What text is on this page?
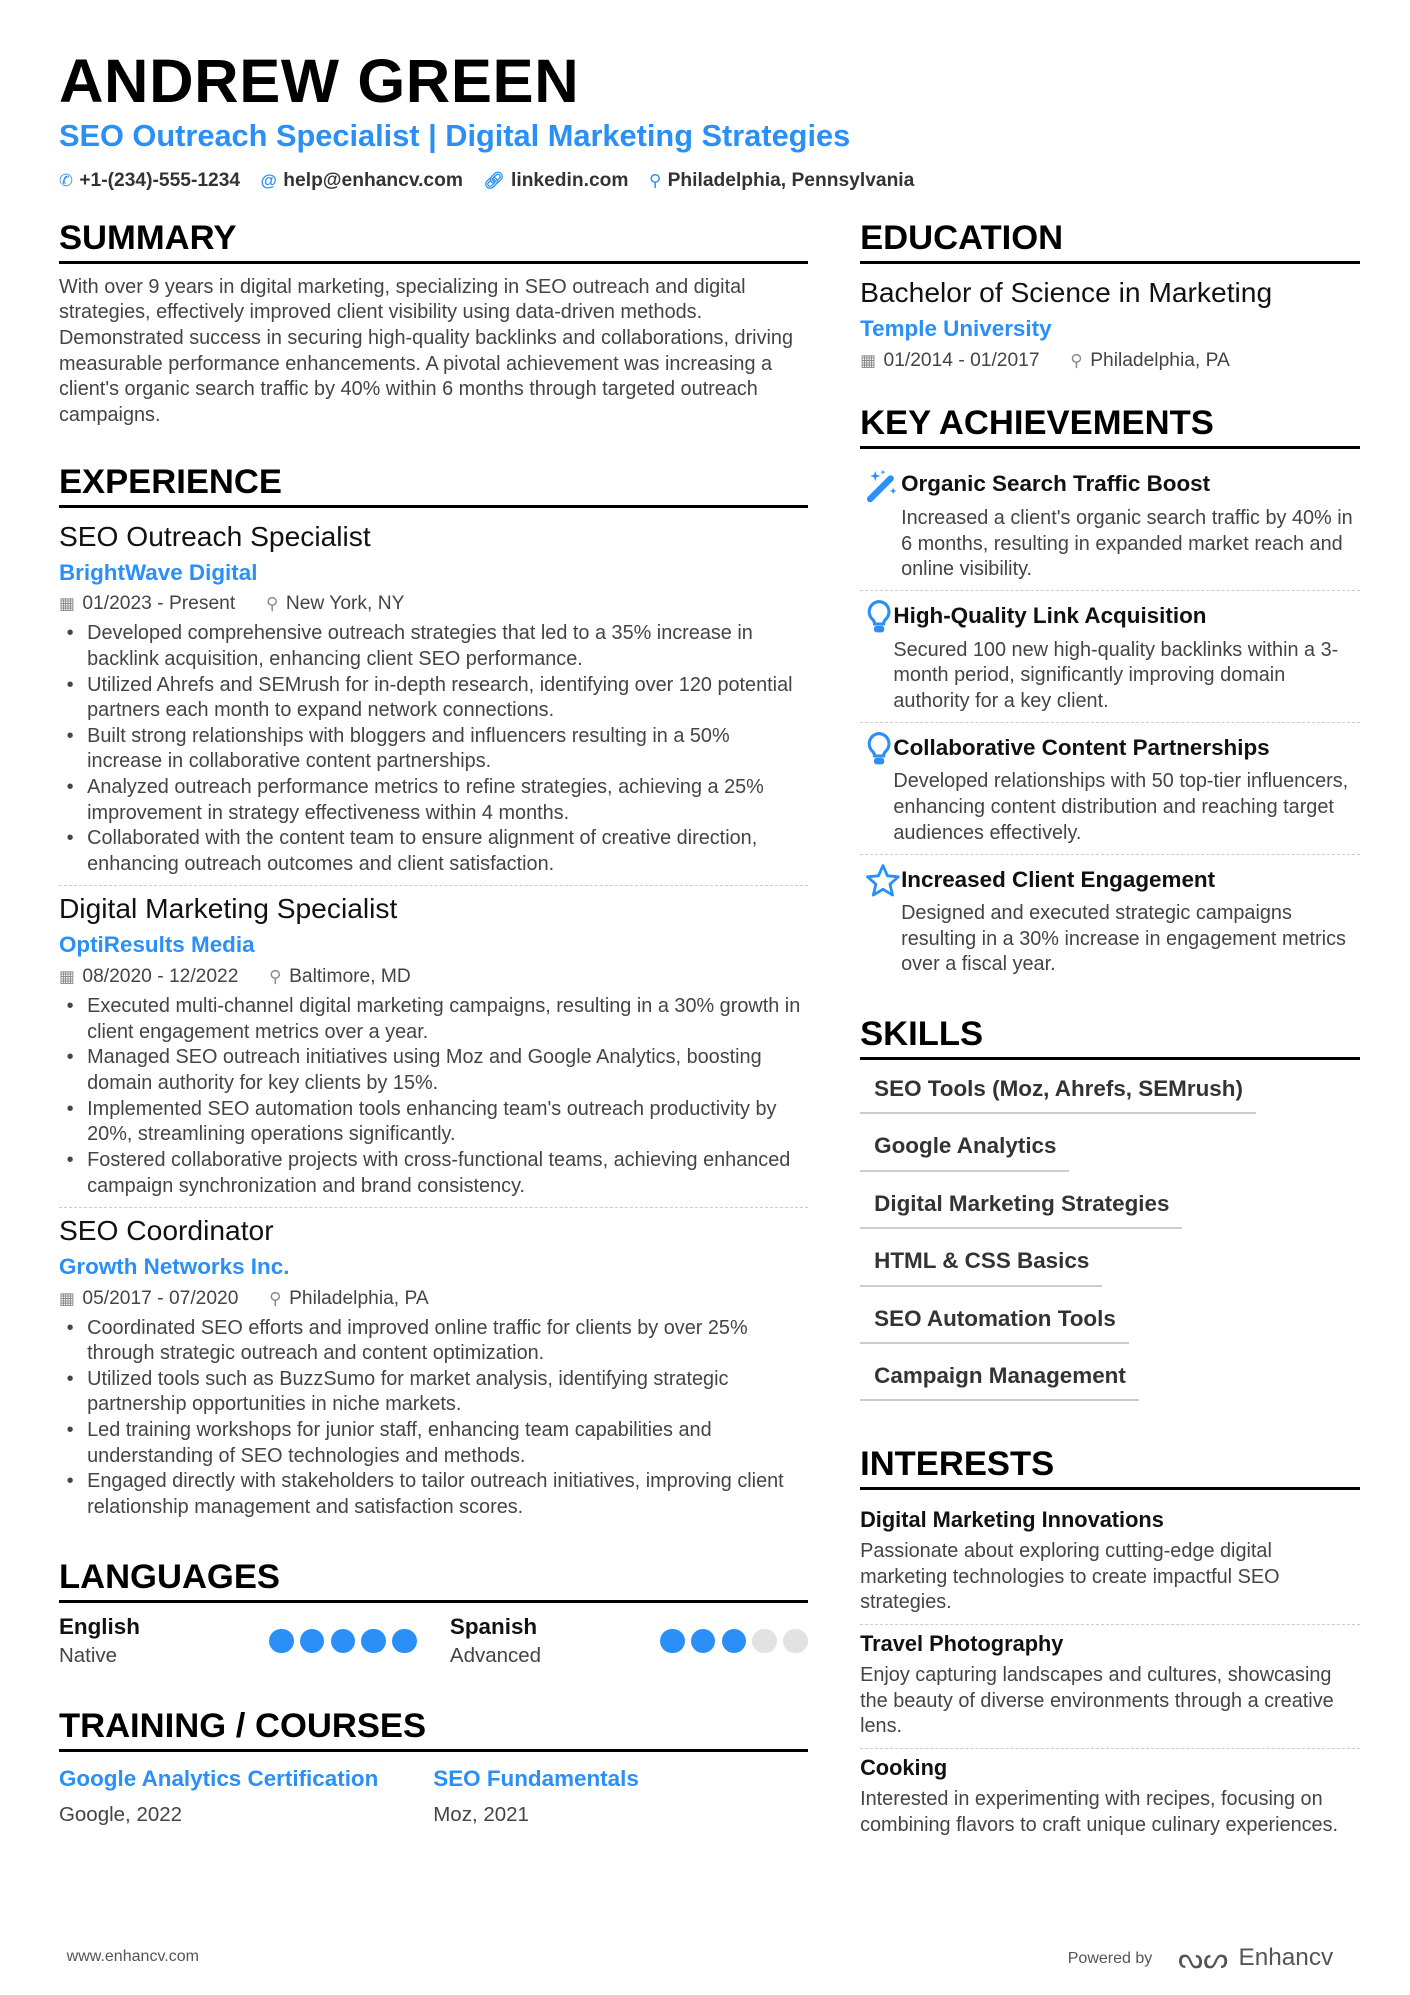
ANDREW GREEN
SEO Outreach Specialist | Digital Marketing Strategies
✆ +1-(234)-555-1234 @ help@enhancv.com 🔗︎ linkedin.com ⚲ Philadelphia, Pennsylvania
SUMMARY
With over 9 years in digital marketing, specializing in SEO outreach and digital strategies, effectively improved client visibility using data-driven methods. Demonstrated success in securing high-quality backlinks and collaborations, driving measurable performance enhancements. A pivotal achievement was increasing a client's organic search traffic by 40% within 6 months through targeted outreach campaigns.
EXPERIENCE
SEO Outreach Specialist
BrightWave Digital
▦ 01/2023 - Present ⚲ New York, NY
• Developed comprehensive outreach strategies that led to a 35% increase in backlink acquisition, enhancing client SEO performance.
• Utilized Ahrefs and SEMrush for in-depth research, identifying over 120 potential partners each month to expand network connections.
• Built strong relationships with bloggers and influencers resulting in a 50% increase in collaborative content partnerships.
• Analyzed outreach performance metrics to refine strategies, achieving a 25% improvement in strategy effectiveness within 4 months.
• Collaborated with the content team to ensure alignment of creative direction, enhancing outreach outcomes and client satisfaction.
Digital Marketing Specialist
OptiResults Media
▦ 08/2020 - 12/2022 ⚲ Baltimore, MD
• Executed multi-channel digital marketing campaigns, resulting in a 30% growth in client engagement metrics over a year.
• Managed SEO outreach initiatives using Moz and Google Analytics, boosting domain authority for key clients by 15%.
• Implemented SEO automation tools enhancing team's outreach productivity by 20%, streamlining operations significantly.
• Fostered collaborative projects with cross-functional teams, achieving enhanced campaign synchronization and brand consistency.
SEO Coordinator
Growth Networks Inc.
▦ 05/2017 - 07/2020 ⚲ Philadelphia, PA
• Coordinated SEO efforts and improved online traffic for clients by over 25% through strategic outreach and content optimization.
• Utilized tools such as BuzzSumo for market analysis, identifying strategic partnership opportunities in niche markets.
• Led training workshops for junior staff, enhancing team capabilities and understanding of SEO technologies and methods.
• Engaged directly with stakeholders to tailor outreach initiatives, improving client relationship management and satisfaction scores.
LANGUAGES
English
Native
Spanish
Advanced
TRAINING / COURSES
Google Analytics Certification
Google, 2022
SEO Fundamentals
Moz, 2021
EDUCATION
Bachelor of Science in Marketing
Temple University
▦ 01/2014 - 01/2017 ⚲ Philadelphia, PA
KEY ACHIEVEMENTS
Organic Search Traffic Boost
Increased a client's organic search traffic by 40% in 6 months, resulting in expanded market reach and online visibility.
High-Quality Link Acquisition
Secured 100 new high-quality backlinks within a 3-month period, significantly improving domain authority for a key client.
Collaborative Content Partnerships
Developed relationships with 50 top-tier influencers, enhancing content distribution and reaching target audiences effectively.
Increased Client Engagement
Designed and executed strategic campaigns resulting in a 30% increase in engagement metrics over a fiscal year.
SKILLS
SEO Tools (Moz, Ahrefs, SEMrush)
Google Analytics
Digital Marketing Strategies
HTML & CSS Basics
SEO Automation Tools
Campaign Management
INTERESTS
Digital Marketing Innovations
Passionate about exploring cutting-edge digital marketing technologies to create impactful SEO strategies.
Travel Photography
Enjoy capturing landscapes and cultures, showcasing the beauty of diverse environments through a creative lens.
Cooking
Interested in experimenting with recipes, focusing on combining flavors to craft unique culinary experiences.
www.enhancv.com	Powered by ᔓᔕ Enhancv
